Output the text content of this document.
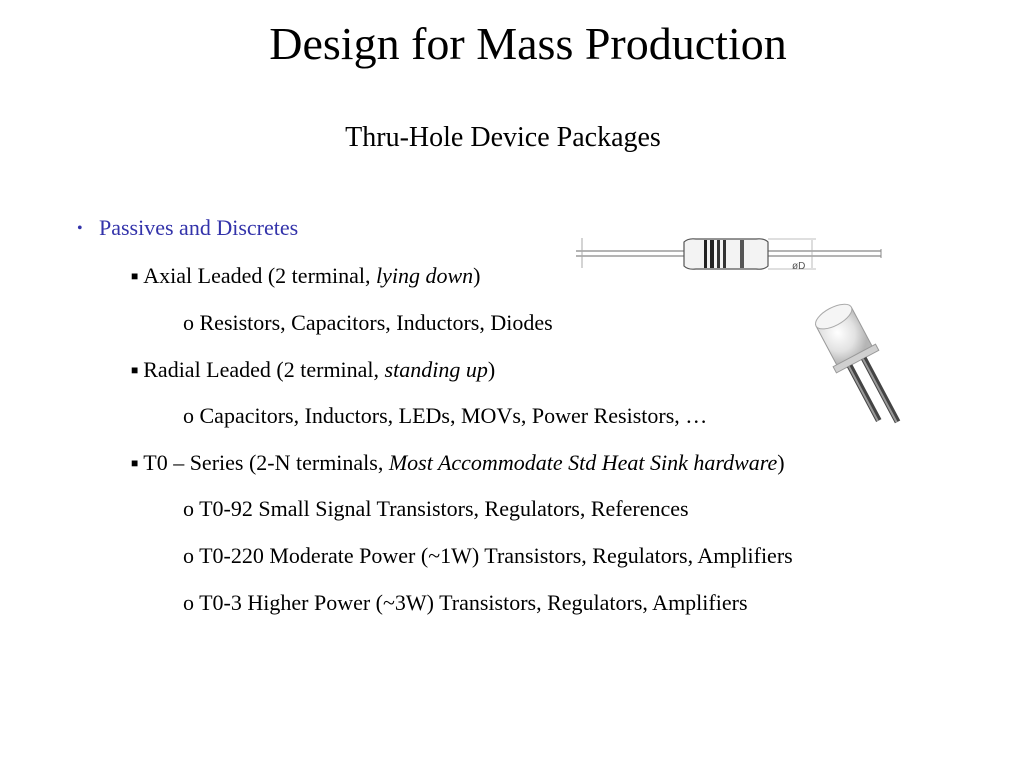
Design for Mass Production
Thru-Hole Device Packages
• Passives and Discretes
■ Axial Leaded (2 terminal, lying down)
o Resistors, Capacitors, Inductors, Diodes
■ Radial Leaded (2 terminal, standing up)
o Capacitors, Inductors, LEDs, MOVs, Power Resistors, …
■ T0 – Series (2-N terminals, Most Accommodate Std Heat Sink hardware)
o T0-92 Small Signal Transistors, Regulators, References
o T0-220 Moderate Power (~1W) Transistors, Regulators, Amplifiers
o T0-3 Higher Power (~3W) Transistors, Regulators, Amplifiers
øD
